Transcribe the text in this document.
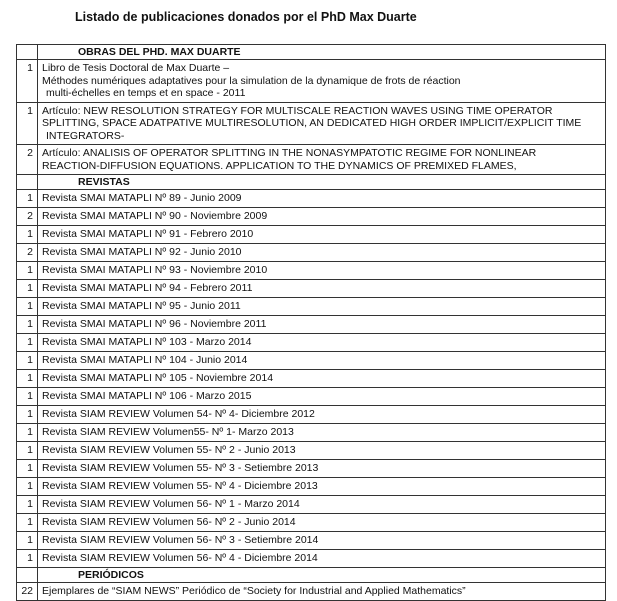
Listado de publicaciones donados por el PhD Max Duarte
	OBRAS DEL PHD. MAX DUARTE
1	Libro de Tesis Doctoral de Max Duarte –
Méthodes numériques adaptatives pour la simulation de la dynamique de frots de réaction
multi-échelles en temps et en space - 2011

1	Artículo: NEW RESOLUTION STRATEGY FOR MULTISCALE REACTION WAVES USING TIME OPERATOR
SPLITTING, SPACE ADATPATIVE MULTIRESOLUTION, AN DEDICATED HIGH ORDER IMPLICIT/EXPLICIT TIME
INTEGRATORS-

2	Artículo: ANALISIS OF OPERATOR SPLITTING IN THE NONASYMPATOTIC REGIME FOR NONLINEAR
REACTION-DIFFUSION EQUATIONS. APPLICATION TO THE DYNAMICS OF PREMIXED FLAMES,

	REVISTAS
1	Revista SMAI MATAPLI Nº 89 - Junio 2009

2	Revista SMAI MATAPLI Nº 90 - Noviembre 2009

1	Revista SMAI MATAPLI Nº 91 - Febrero 2010

2	Revista SMAI MATAPLI Nº 92 - Junio 2010

1	Revista SMAI MATAPLI Nº 93 - Noviembre 2010

1	Revista SMAI MATAPLI Nº 94 - Febrero 2011

1	Revista SMAI MATAPLI Nº 95 - Junio 2011

1	Revista SMAI MATAPLI Nº 96 - Noviembre 2011

1	Revista SMAI MATAPLI Nº 103 - Marzo 2014

1	Revista SMAI MATAPLI Nº 104 - Junio 2014

1	Revista SMAI MATAPLI Nº 105 - Noviembre 2014

1	Revista SMAI MATAPLI Nº 106 - Marzo 2015

1	Revista SIAM REVIEW Volumen 54- Nº 4- Diciembre 2012

1	Revista SIAM REVIEW Volumen55- Nº 1- Marzo 2013

1	Revista SIAM REVIEW Volumen 55- Nº 2 - Junio 2013

1	Revista SIAM REVIEW Volumen 55- Nº 3 - Setiembre 2013

1	Revista SIAM REVIEW Volumen 55- Nº 4 - Diciembre 2013

1	Revista SIAM REVIEW Volumen 56- Nº 1 - Marzo 2014

1	Revista SIAM REVIEW Volumen 56- Nº 2 - Junio 2014

1	Revista SIAM REVIEW Volumen 56- Nº 3 - Setiembre 2014

1	Revista SIAM REVIEW Volumen 56- Nº 4 - Diciembre 2014

	PERIÓDICOS
22	Ejemplares de “SIAM NEWS” Periódico de “Society for Industrial and Applied Mathematics”
